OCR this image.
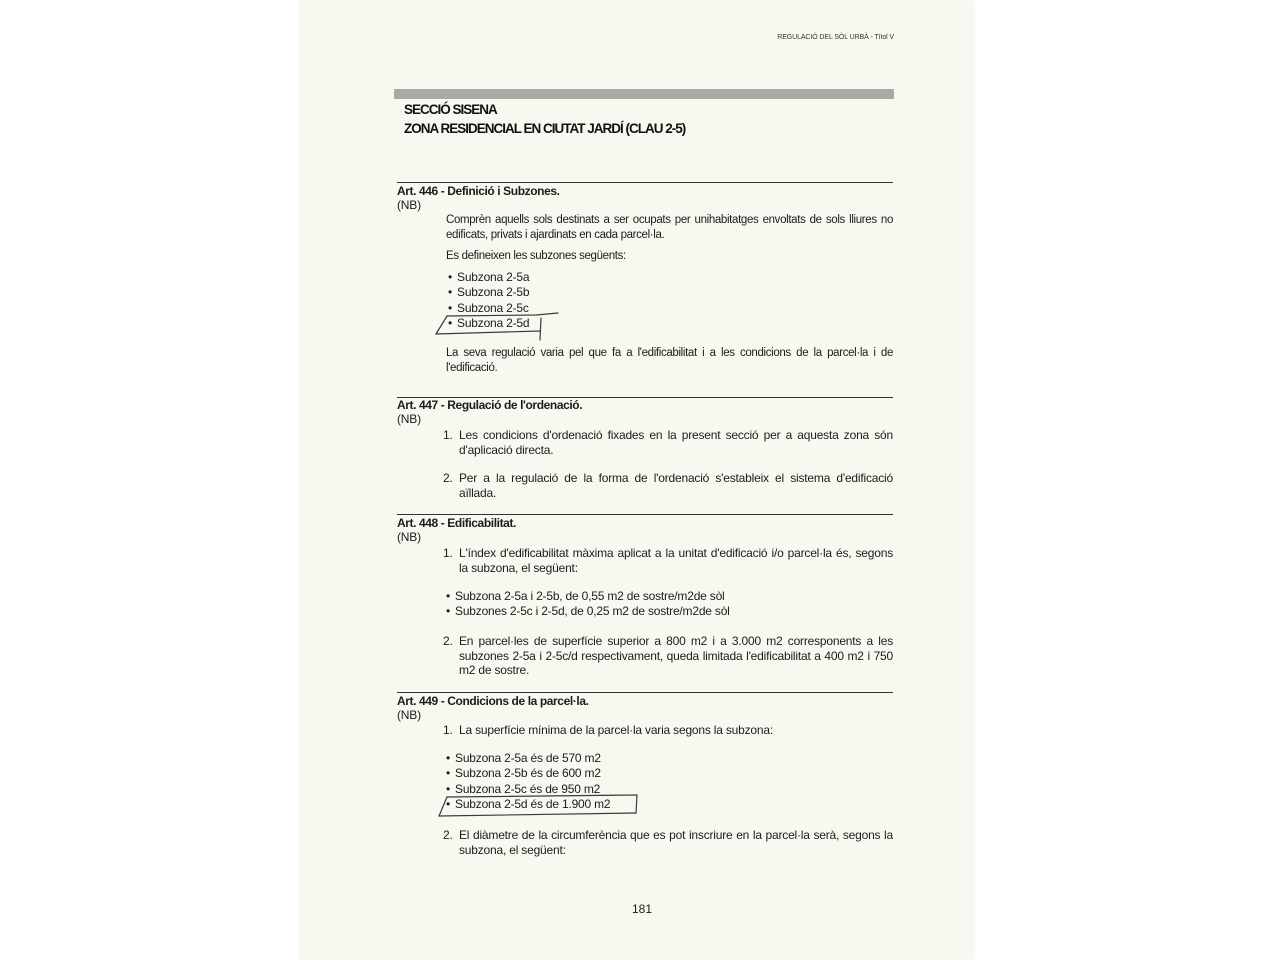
REGULACIÓ DEL SÒL URBÀ - Títol V
SECCIÓ SISENA
ZONA RESIDENCIAL EN CIUTAT JARDÍ (CLAU 2-5)
Art. 446 - Definició i Subzones.
(NB)
Comprèn aquells sols destinats a ser ocupats per unihabitatges envoltats de sols lliures no edificats, privats i ajardinats en cada parcel·la.
Es defineixen les subzones següents:
• Subzona 2-5a
• Subzona 2-5b
• Subzona 2-5c
• Subzona 2-5d
La seva regulació varia pel que fa a l'edificabilitat i a les condicions de la parcel·la i de l'edificació.
Art. 447 - Regulació de l'ordenació.
(NB)
1. Les condicions d'ordenació fixades en la present secció per a aquesta zona són d'aplicació directa.
2. Per a la regulació de la forma de l'ordenació s'estableix el sistema d'edificació aïllada.
Art. 448 - Edificabilitat.
(NB)
1. L'índex d'edificabilitat màxima aplicat a la unitat d'edificació i/o parcel·la és, segons la subzona, el següent:
• Subzona 2-5a i 2-5b, de 0,55 m2 de sostre/m2de sòl
• Subzones 2-5c i 2-5d, de 0,25 m2 de sostre/m2de sòl
2. En parcel·les de superfície superior a 800 m2 i a 3.000 m2 corresponents a les subzones 2-5a i 2-5c/d respectivament, queda limitada l'edificabilitat a 400 m2 i 750 m2 de sostre.
Art. 449 - Condicions de la parcel·la.
(NB)
1. La superfície mínima de la parcel·la varia segons la subzona:
• Subzona 2-5a és de 570 m2
• Subzona 2-5b és de 600 m2
• Subzona 2-5c és de 950 m2
• Subzona 2-5d és de 1.900 m2
2. El diàmetre de la circumferència que es pot inscriure en la parcel·la serà, segons la subzona, el següent:
181
